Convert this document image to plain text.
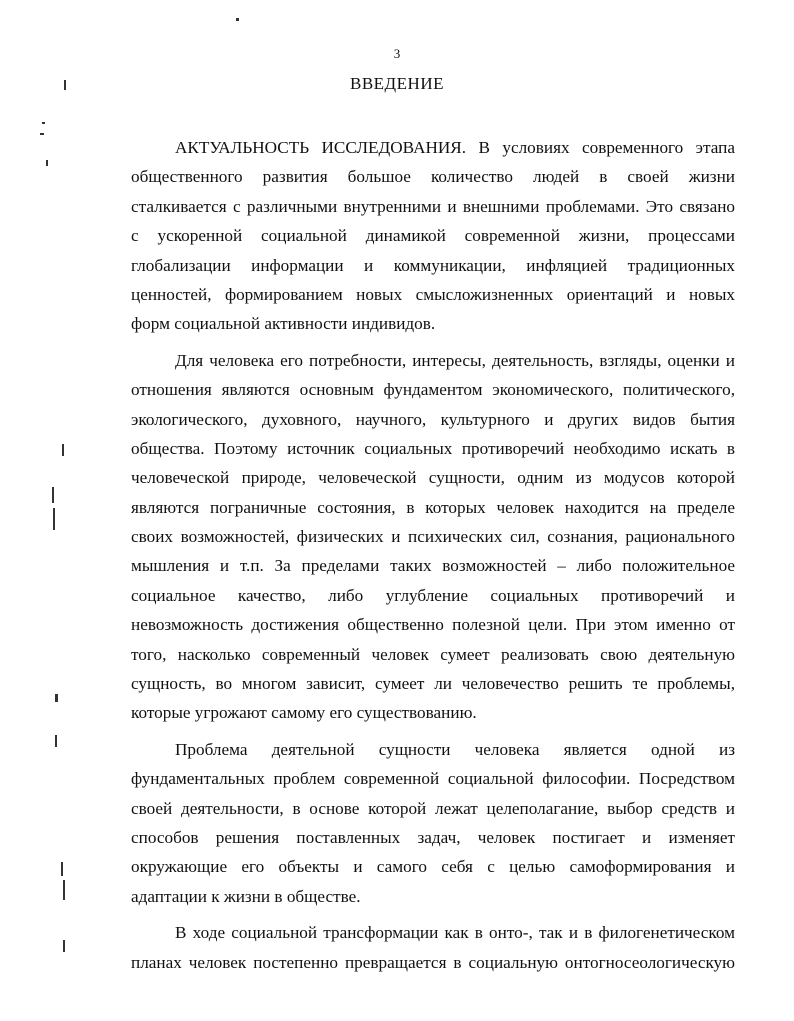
3
ВВЕДЕНИЕ
АКТУАЛЬНОСТЬ ИССЛЕДОВАНИЯ. В условиях современного этапа
общественного развития большое количество людей в своей жизни
сталкивается с различными внутренними и внешними проблемами. Это связано
с ускоренной социальной динамикой современной жизни, процессами
глобализации информации и коммуникации, инфляцией традиционных
ценностей, формированием новых смысложизненных ориентаций и новых
форм социальной активности индивидов.
Для человека его потребности, интересы, деятельность, взгляды, оценки и
отношения являются основным фундаментом экономического, политического,
экологического, духовного, научного, культурного и других видов бытия
общества. Поэтому источник социальных противоречий необходимо искать в
человеческой природе, человеческой сущности, одним из модусов которой
являются пограничные состояния, в которых человек находится на пределе
своих возможностей, физических и психических сил, сознания, рационального
мышления и т.п. За пределами таких возможностей – либо положительное
социальное качество, либо углубление социальных противоречий и
невозможность достижения общественно полезной цели. При этом именно от
того, насколько современный человек сумеет реализовать свою деятельную
сущность, во многом зависит, сумеет ли человечество решить те проблемы,
которые угрожают самому его существованию.
Проблема деятельной сущности человека является одной из
фундаментальных проблем современной социальной философии. Посредством
своей деятельности, в основе которой лежат целеполагание, выбор средств и
способов решения поставленных задач, человек постигает и изменяет
окружающие его объекты и самого себя с целью самоформирования и
адаптации к жизни в обществе.
В ходе социальной трансформации как в онто-, так и в филогенетическом
планах человек постепенно превращается в социальную онтогносеологическую
